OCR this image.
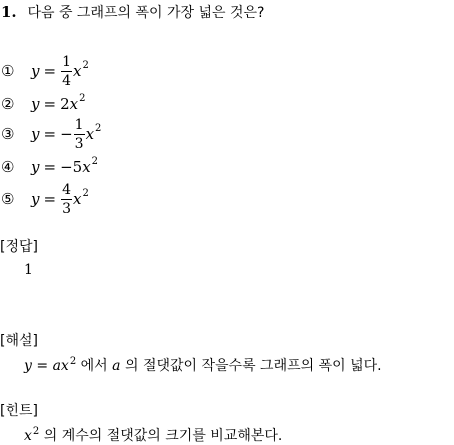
1. 다음 중 그래프의 폭이 가장 넓은 것은?
①	$y = \frac{1}{4}$ x 2
②	y = 2 x 2
③	y = − $\frac{1}{3}$ x 2
④	y = − 5 x 2
⑤	$y = \frac{4}{3}$ x 2
[정답]
1
[해설]
$y = ax^2$ 에서 a 의 절댓값이 작을수록 그래프의 폭이 넓다.
[힌트]
$x^2$ 의 계수의 절댓값의 크기를 비교해본다.
